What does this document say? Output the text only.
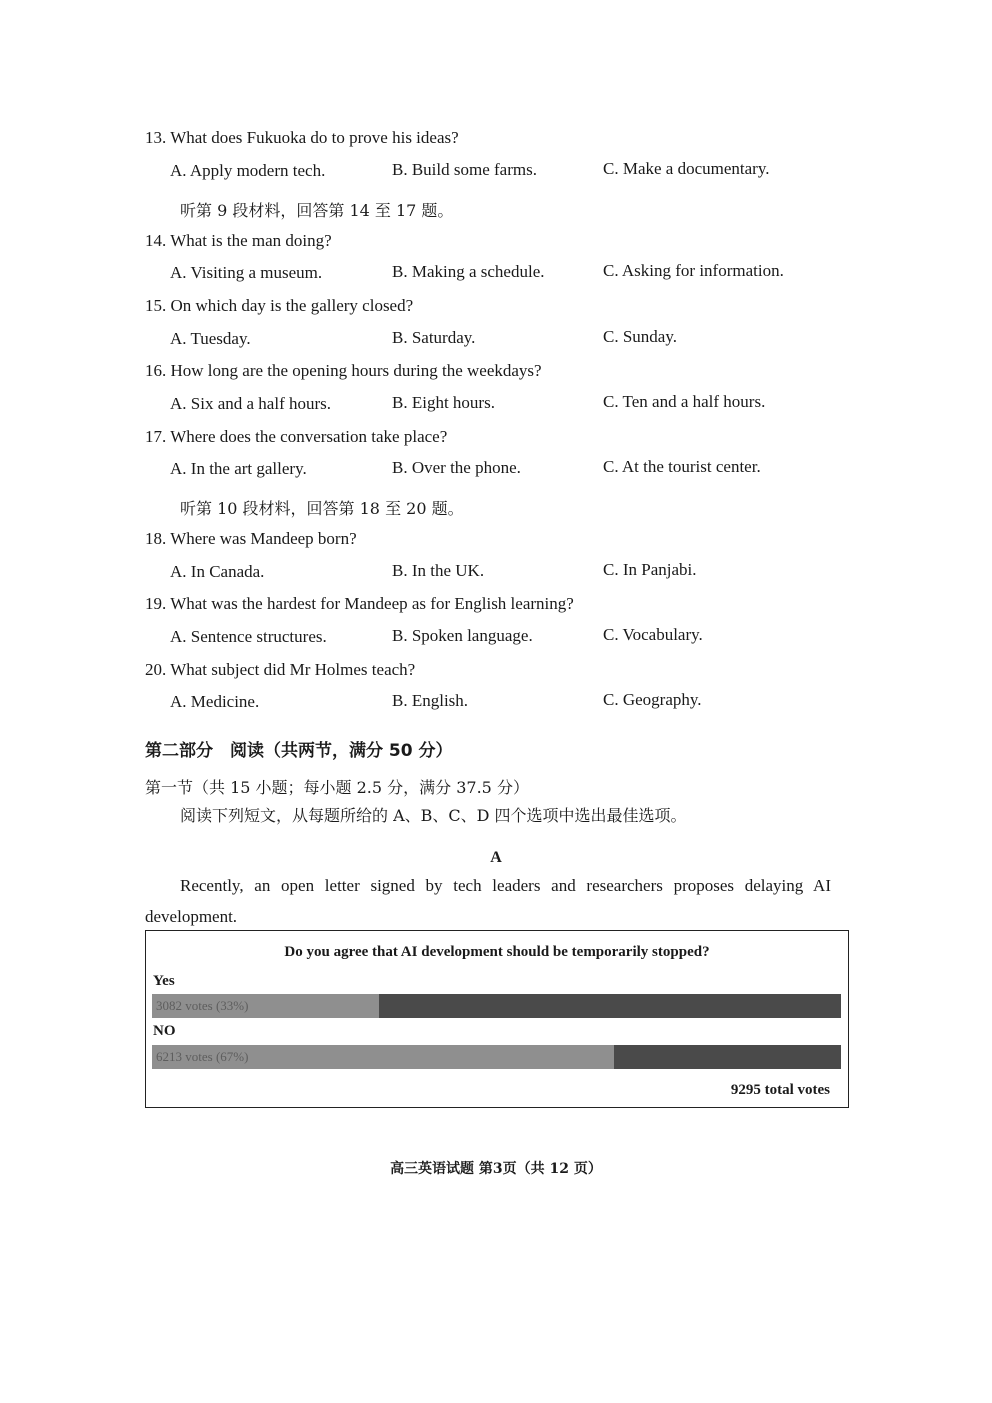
13. What does Fukuoka do to prove his ideas?
A. Apply modern tech.	B. Build some farms.	C. Make a documentary.
听第 9 段材料，回答第 14 至 17 题。
14. What is the man doing?
A. Visiting a museum.	B. Making a schedule.	C. Asking for information.
15. On which day is the gallery closed?
A. Tuesday.	B. Saturday.	C. Sunday.
16. How long are the opening hours during the weekdays?
A. Six and a half hours.	B. Eight hours.	C. Ten and a half hours.
17. Where does the conversation take place?
A. In the art gallery.	B. Over the phone.	C. At the tourist center.
听第 10 段材料，回答第 18 至 20 题。
18. Where was Mandeep born?
A. In Canada.	B. In the UK.	C. In Panjabi.
19. What was the hardest for Mandeep as for English learning?
A. Sentence structures.	B. Spoken language.	C. Vocabulary.
20. What subject did Mr Holmes teach?
A. Medicine.	B. English.	C. Geography.
第二部分　阅读（共两节，满分 50 分）
第一节（共 15 小题；每小题 2.5 分，满分 37.5 分）
阅读下列短文，从每题所给的 A、B、C、D 四个选项中选出最佳选项。
A
Recently, an open letter signed by tech leaders and researchers proposes delaying AI
development.
Do you agree that AI development should be temporarily stopped?
Yes
3082 votes (33%)
NO
6213 votes (67%)
9295 total votes
高三英语试题 第3页（共 12 页）
